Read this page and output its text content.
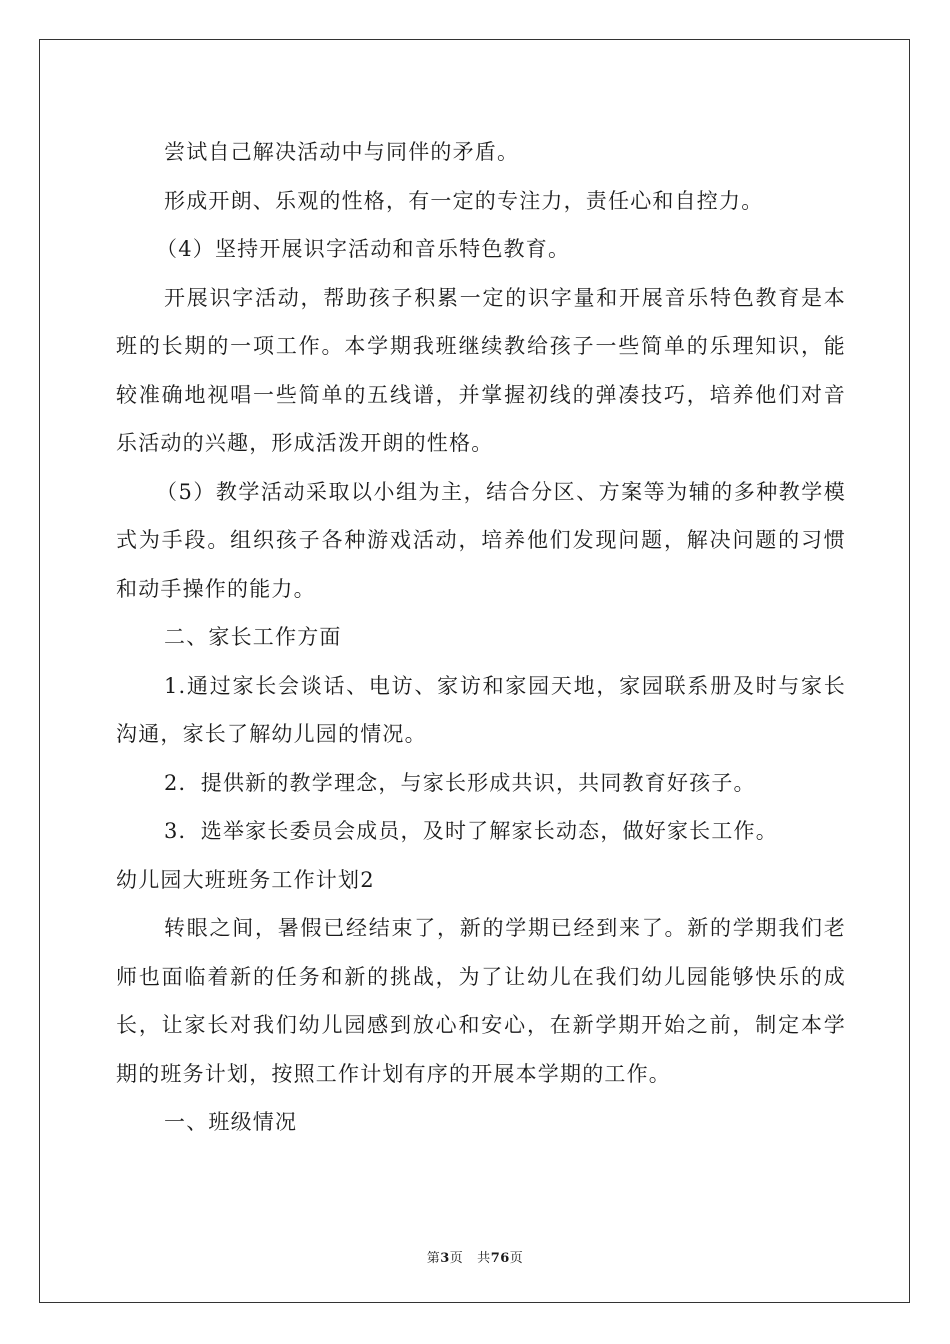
尝试自己解决活动中与同伴的矛盾。

形成开朗、乐观的性格，有一定的专注力，责任心和自控力。

（4）坚持开展识字活动和音乐特色教育。

开展识字活动，帮助孩子积累一定的识字量和开展音乐特色教育是本班的长期的一项工作。本学期我班继续教给孩子一些简单的乐理知识，能较准确地视唱一些简单的五线谱，并掌握初线的弹凑技巧，培养他们对音乐活动的兴趣，形成活泼开朗的性格。

（5）教学活动采取以小组为主，结合分区、方案等为辅的多种教学模式为手段。组织孩子各种游戏活动，培养他们发现问题，解决问题的习惯和动手操作的能力。

二、家长工作方面

1.通过家长会谈话、电访、家访和家园天地，家园联系册及时与家长沟通，家长了解幼儿园的情况。

2．提供新的教学理念，与家长形成共识，共同教育好孩子。

3．选举家长委员会成员，及时了解家长动态，做好家长工作。

幼儿园大班班务工作计划2

转眼之间，暑假已经结束了，新的学期已经到来了。新的学期我们老师也面临着新的任务和新的挑战，为了让幼儿在我们幼儿园能够快乐的成长，让家长对我们幼儿园感到放心和安心，在新学期开始之前，制定本学期的班务计划，按照工作计划有序的开展本学期的工作。

一、班级情况

第3页 共76页
